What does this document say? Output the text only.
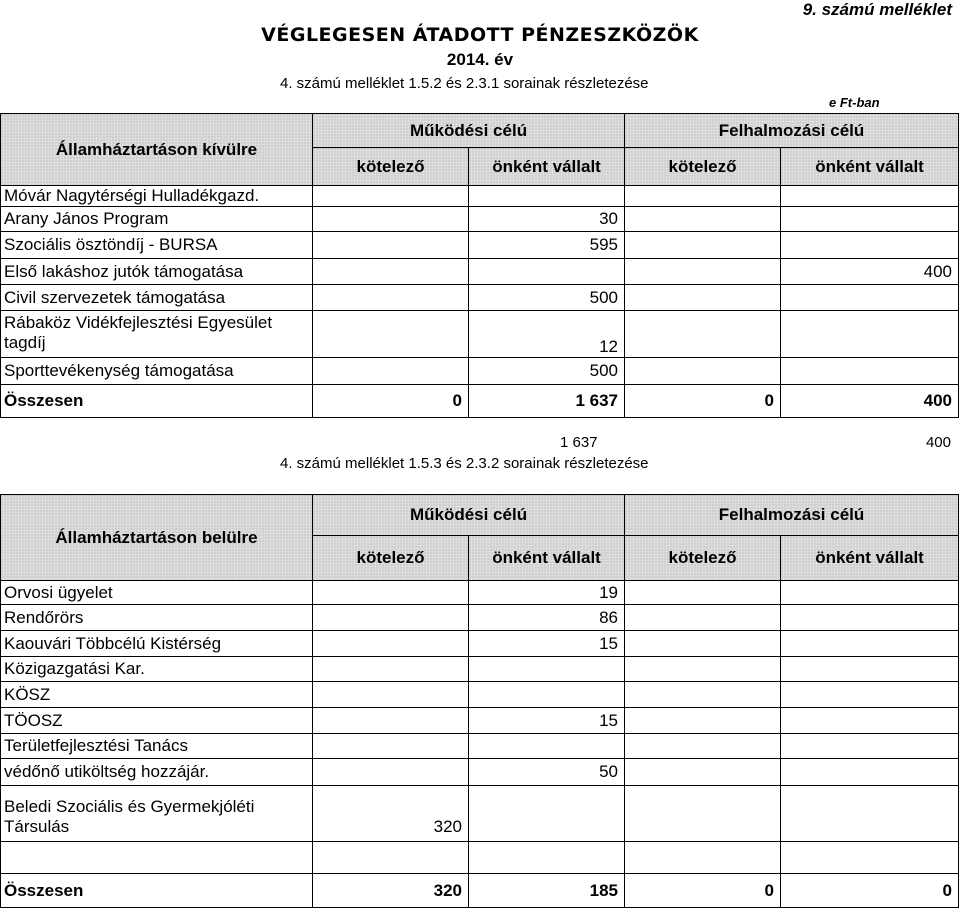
9. számú melléklet
VÉGLEGESEN ÁTADOTT PÉNZESZKÖZÖK
2014. év
4. számú melléklet 1.5.2 és 2.3.1 sorainak részletezése
e Ft-ban
Államháztartáson kívülre	Működési célú		Felhalmozási célú	
	kötelező	önként vállalt	kötelező	önként vállalt
Móvár Nagytérségi Hulladékgazd.				
Arany János Program		30		
Szociális ösztöndíj - BURSA		595		
Első lakáshoz jutók támogatása				400
Civil szervezetek támogatása		500		
Rábaköz Vidékfejlesztési Egyesület tagdíj		12		
Sporttevékenység támogatása		500		
Összesen	0	1 637	0	400
1 637	400
4. számú melléklet 1.5.3 és 2.3.2 sorainak részletezése
Államháztartáson belülre	Működési célú		Felhalmozási célú	
	kötelező	önként vállalt	kötelező	önként vállalt
Orvosi ügyelet		19		
Rendőrörs		86		
Kaouvári Többcélú Kistérség		15		
Közigazgatási Kar.				
KÖSZ				
TÖOSZ		15		
Területfejlesztési Tanács				
védőnő utiköltség hozzájár.		50		
Beledi Szociális és Gyermekjóléti Társulás	320			

Összesen	320	185	0	0
